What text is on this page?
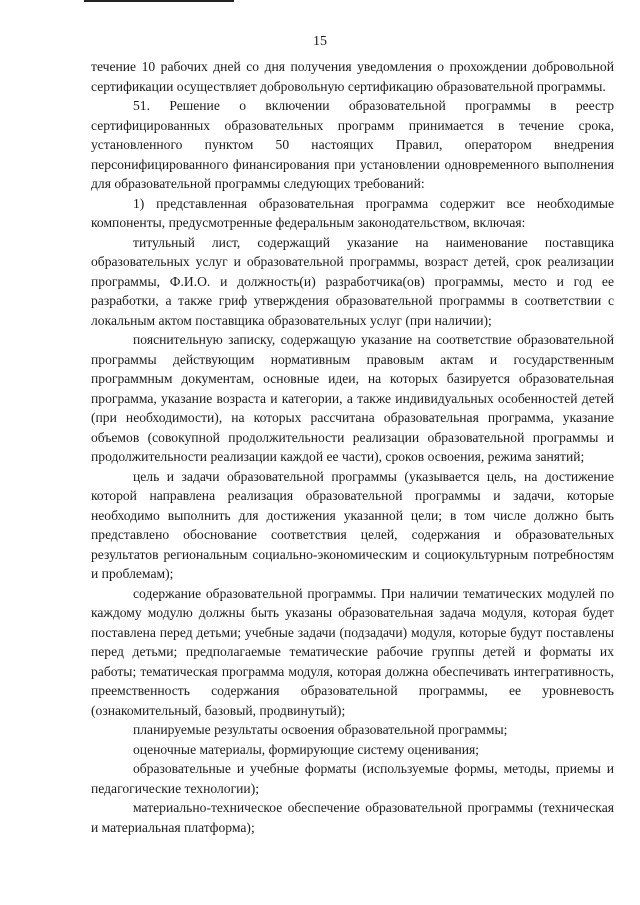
15

течение 10 рабочих дней со дня получения уведомления о прохождении добровольной сертификации осуществляет добровольную сертификацию образовательной программы.

51. Решение о включении образовательной программы в реестр сертифицированных образовательных программ принимается в течение срока, установленного пунктом 50 настоящих Правил, оператором внедрения персонифицированного финансирования при установлении одновременного выполнения для образовательной программы следующих требований:

1) представленная образовательная программа содержит все необходимые компоненты, предусмотренные федеральным законодательством, включая:

титульный лист, содержащий указание на наименование поставщика образовательных услуг и образовательной программы, возраст детей, срок реализации программы, Ф.И.О. и должность(и) разработчика(ов) программы, место и год ее разработки, а также гриф утверждения образовательной программы в соответствии с локальным актом поставщика образовательных услуг (при наличии);

пояснительную записку, содержащую указание на соответствие образовательной программы действующим нормативным правовым актам и государственным программным документам, основные идеи, на которых базируется образовательная программа, указание возраста и категории, а также индивидуальных особенностей детей (при необходимости), на которых рассчитана образовательная программа, указание объемов (совокупной продолжительности реализации образовательной программы и продолжительности реализации каждой ее части), сроков освоения, режима занятий;

цель и задачи образовательной программы (указывается цель, на достижение которой направлена реализация образовательной программы и задачи, которые необходимо выполнить для достижения указанной цели; в том числе должно быть представлено обоснование соответствия целей, содержания и образовательных результатов региональным социально-экономическим и социокультурным потребностям и проблемам);

содержание образовательной программы. При наличии тематических модулей по каждому модулю должны быть указаны образовательная задача модуля, которая будет поставлена перед детьми; учебные задачи (подзадачи) модуля, которые будут поставлены перед детьми; предполагаемые тематические рабочие группы детей и форматы их работы; тематическая программа модуля, которая должна обеспечивать интегративность, преемственность содержания образовательной программы, ее уровневость (ознакомительный, базовый, продвинутый);

планируемые результаты освоения образовательной программы;

оценочные материалы, формирующие систему оценивания;

образовательные и учебные форматы (используемые формы, методы, приемы и педагогические технологии);

материально-техническое обеспечение образовательной программы (техническая и материальная платформа);
